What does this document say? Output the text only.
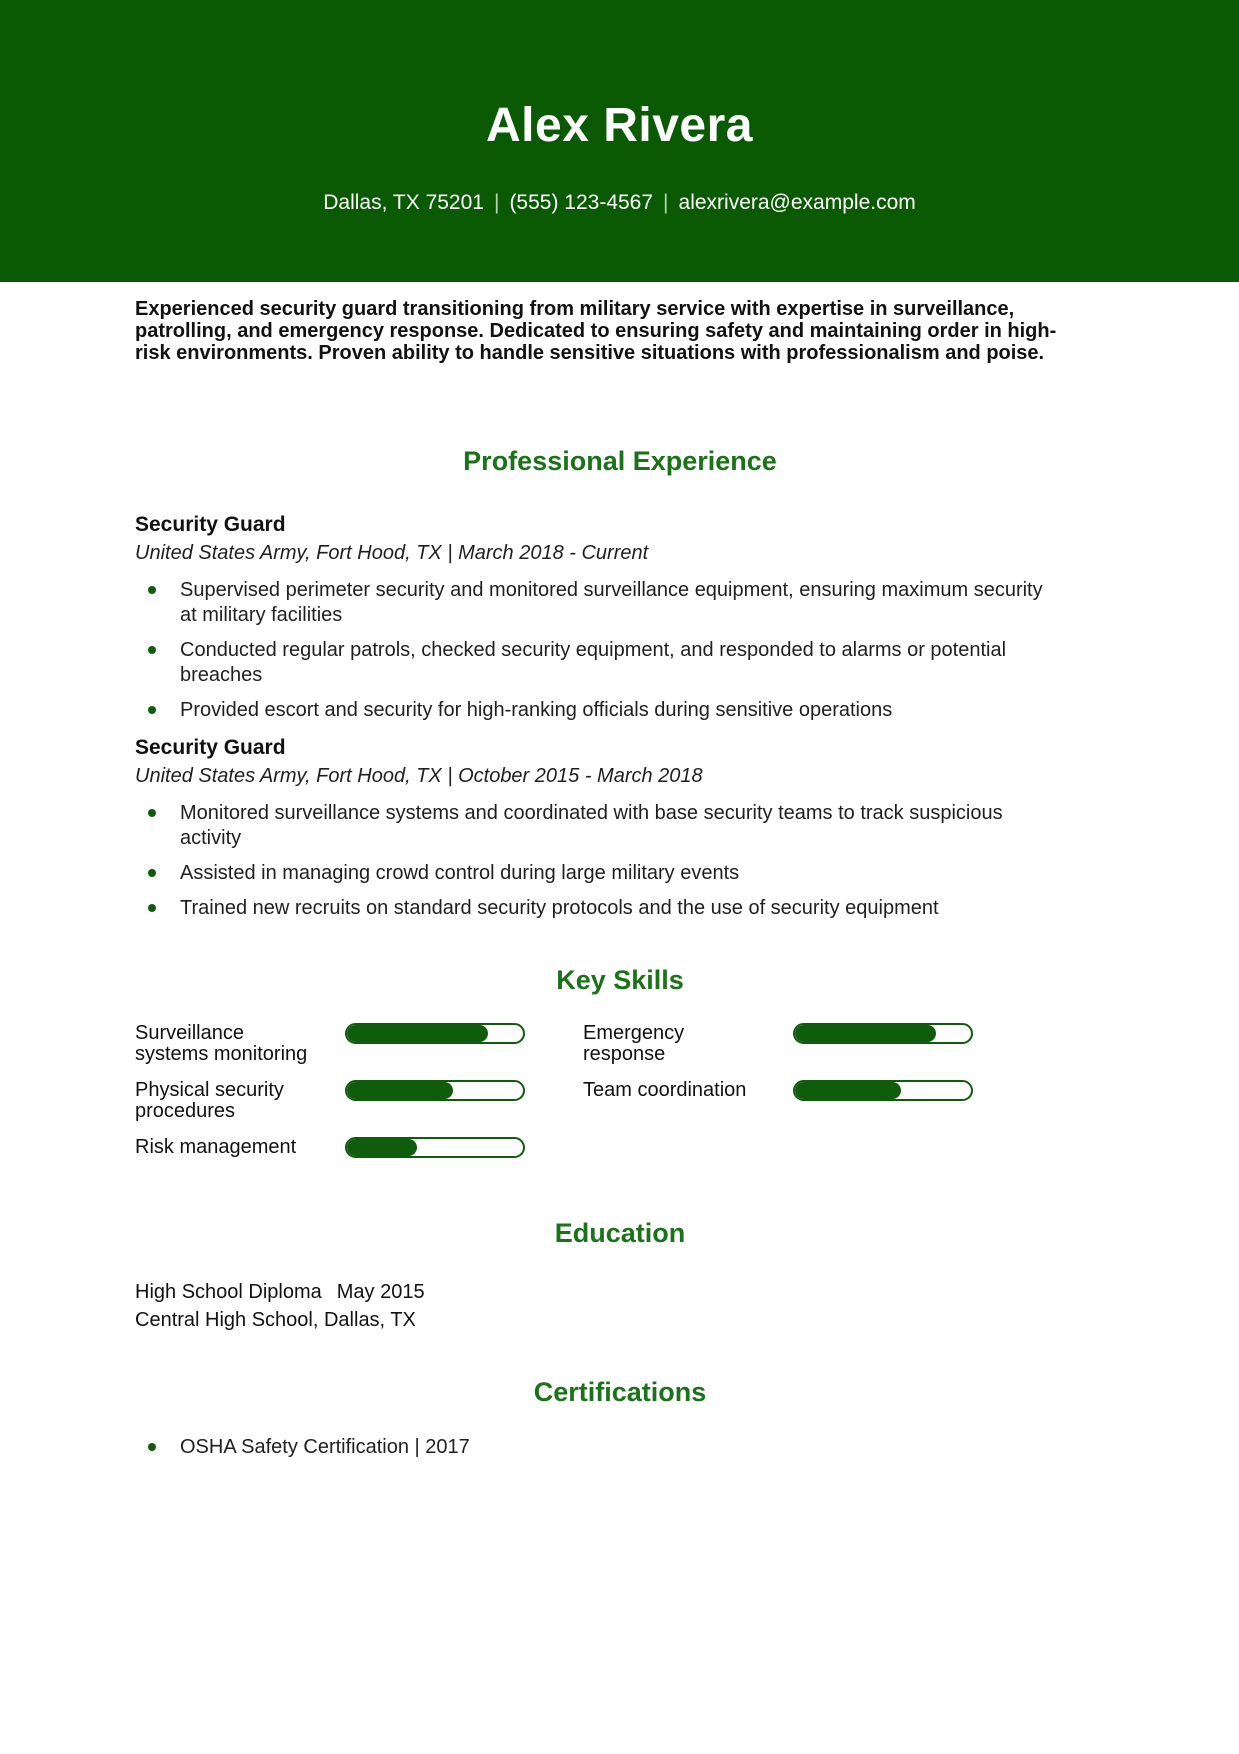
Alex Rivera
Dallas, TX 75201 | (555) 123-4567 | alexrivera@example.com

Experienced security guard transitioning from military service with expertise in surveillance, patrolling, and emergency response. Dedicated to ensuring safety and maintaining order in high-risk environments. Proven ability to handle sensitive situations with professionalism and poise.

Professional Experience
Security Guard
United States Army, Fort Hood, TX | March 2018 - Current
Supervised perimeter security and monitored surveillance equipment, ensuring maximum security at military facilities
Conducted regular patrols, checked security equipment, and responded to alarms or potential breaches
Provided escort and security for high-ranking officials during sensitive operations
Security Guard
United States Army, Fort Hood, TX | October 2015 - March 2018
Monitored surveillance systems and coordinated with base security teams to track suspicious activity
Assisted in managing crowd control during large military events
Trained new recruits on standard security protocols and the use of security equipment
Key Skills
Surveillance systems monitoring
Emergency response
Physical security procedures
Team coordination
Risk management
Education
High School Diploma May 2015
Central High School, Dallas, TX
Certifications
OSHA Safety Certification | 2017
